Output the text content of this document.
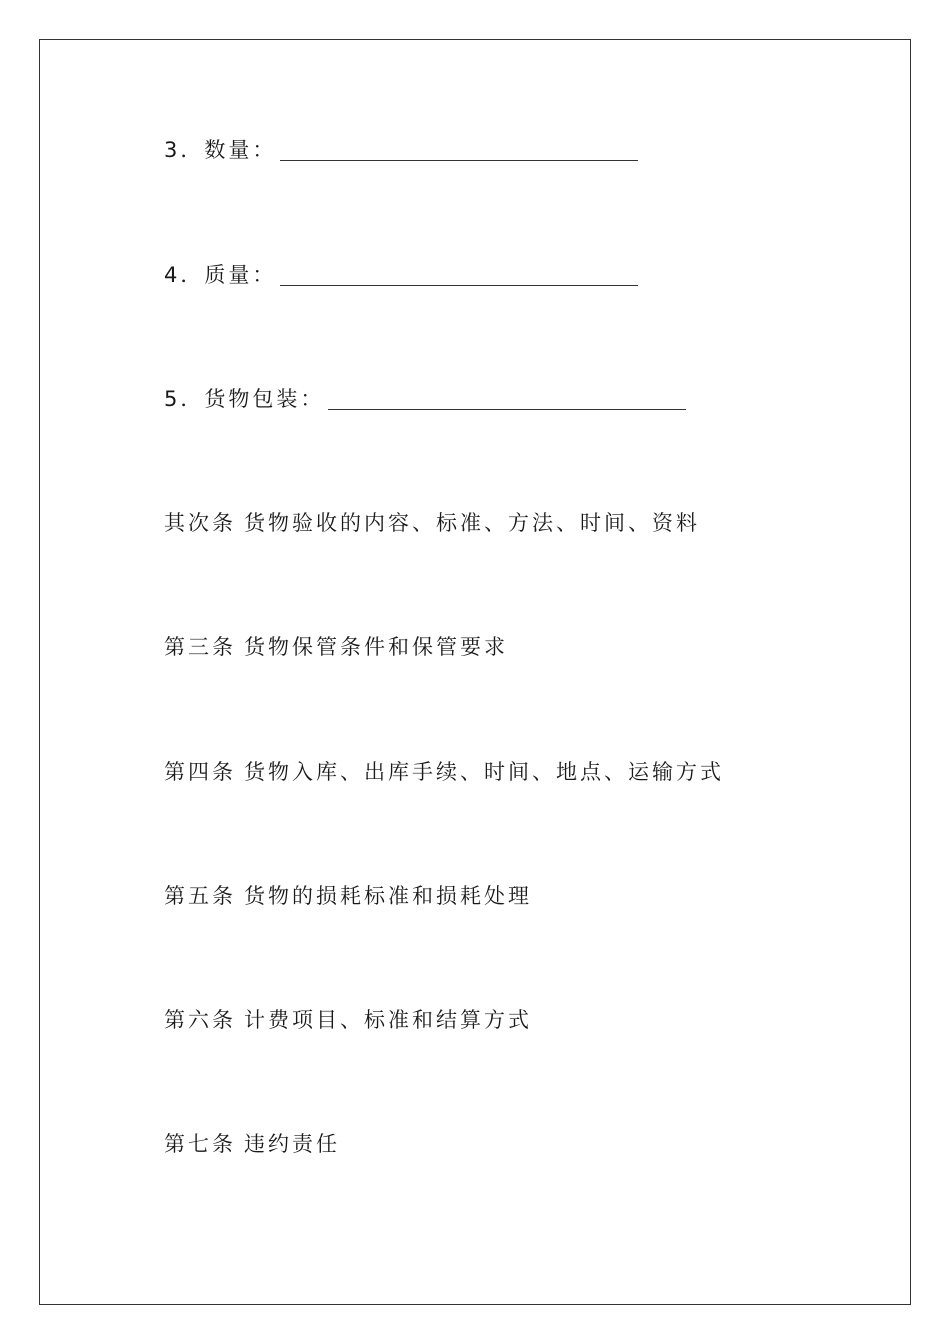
3．数量：
4．质量：
5．货物包装：
其次条 货物验收的内容、标准、方法、时间、资料
第三条 货物保管条件和保管要求
第四条 货物入库、出库手续、时间、地点、运输方式
第五条 货物的损耗标准和损耗处理
第六条 计费项目、标准和结算方式
第七条 违约责任
